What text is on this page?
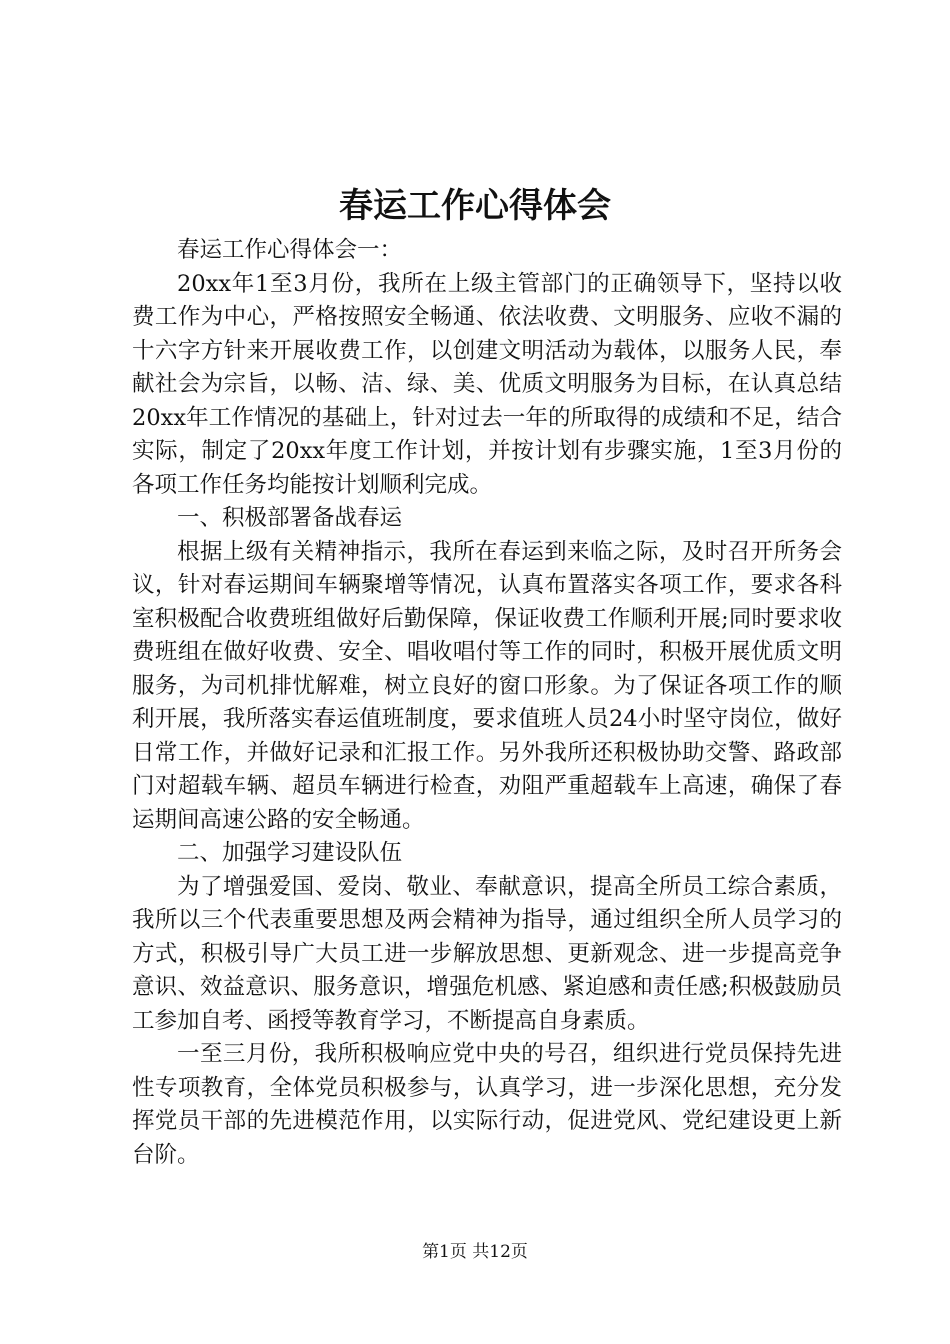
春运工作心得体会

春运工作心得体会一：

20xx年1至3月份，我所在上级主管部门的正确领导下，坚持以收费工作为中心，严格按照安全畅通、依法收费、文明服务、应收不漏的十六字方针来开展收费工作，以创建文明活动为载体，以服务人民，奉献社会为宗旨，以畅、洁、绿、美、优质文明服务为目标，在认真总结20xx年工作情况的基础上，针对过去一年的所取得的成绩和不足，结合实际，制定了20xx年度工作计划，并按计划有步骤实施，1至3月份的各项工作任务均能按计划顺利完成。

一、积极部署备战春运

根据上级有关精神指示，我所在春运到来临之际，及时召开所务会议，针对春运期间车辆聚增等情况，认真布置落实各项工作，要求各科室积极配合收费班组做好后勤保障，保证收费工作顺利开展;同时要求收费班组在做好收费、安全、唱收唱付等工作的同时，积极开展优质文明服务，为司机排忧解难，树立良好的窗口形象。为了保证各项工作的顺利开展，我所落实春运值班制度，要求值班人员24小时坚守岗位，做好日常工作，并做好记录和汇报工作。另外我所还积极协助交警、路政部门对超载车辆、超员车辆进行检查，劝阻严重超载车上高速，确保了春运期间高速公路的安全畅通。

二、加强学习建设队伍

为了增强爱国、爱岗、敬业、奉献意识，提高全所员工综合素质，我所以三个代表重要思想及两会精神为指导，通过组织全所人员学习的方式，积极引导广大员工进一步解放思想、更新观念、进一步提高竞争意识、效益意识、服务意识，增强危机感、紧迫感和责任感;积极鼓励员工参加自考、函授等教育学习，不断提高自身素质。

一至三月份，我所积极响应党中央的号召，组织进行党员保持先进性专项教育，全体党员积极参与，认真学习，进一步深化思想，充分发挥党员干部的先进模范作用，以实际行动，促进党风、党纪建设更上新台阶。

第1页 共12页
